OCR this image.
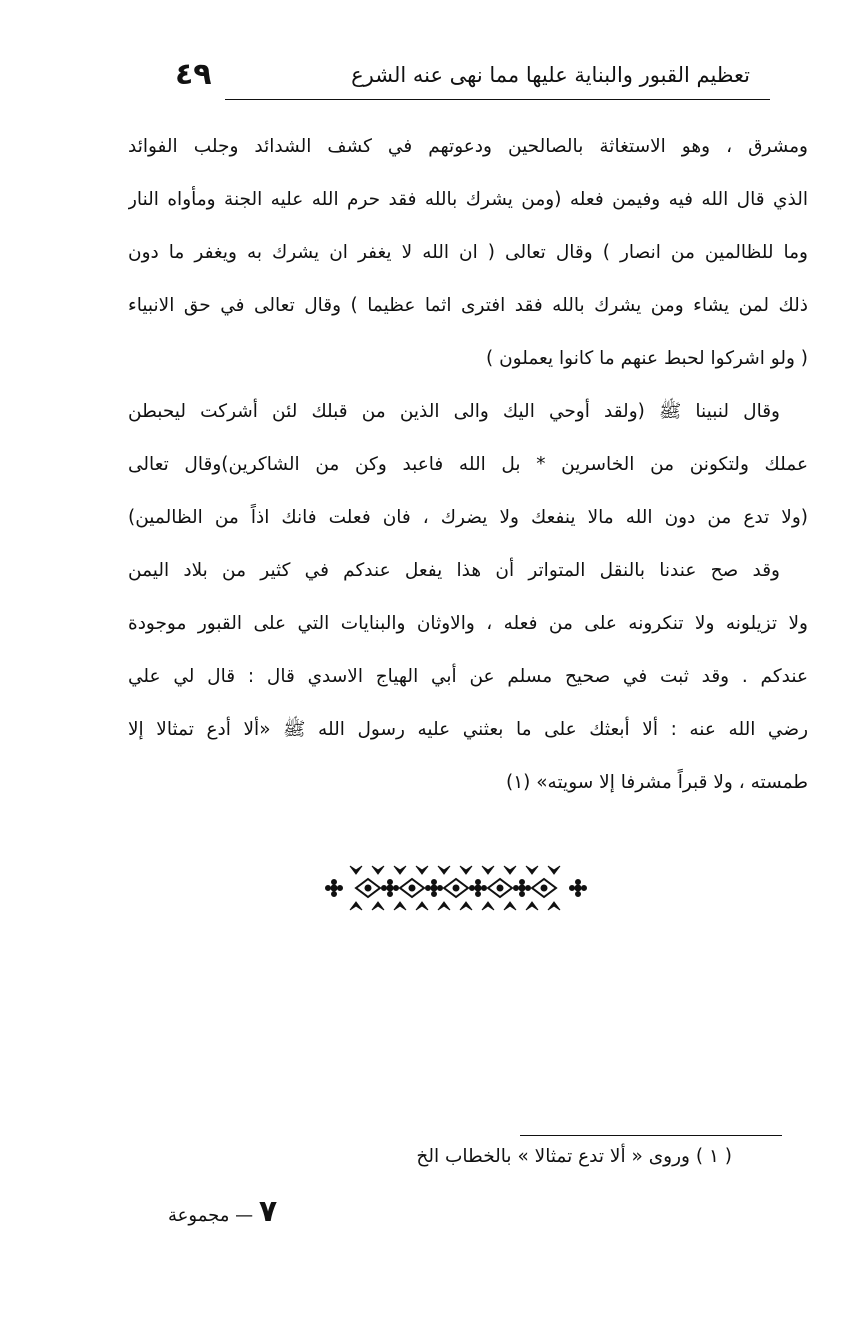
تعظيم القبور والبناية عليها مما نهى عنه الشرع
٤٩
ومشرق ، وهو الاستغاثة بالصالحين ودعوتهم في كشف الشدائد وجلب الفوائد
الذي قال الله فيه وفيمن فعله (ومن يشرك بالله فقد حرم الله عليه الجنة ومأواه النار
وما للظالمين من انصار ) وقال تعالى ( ان الله لا يغفر ان يشرك به ويغفر ما دون
ذلك لمن يشاء ومن يشرك بالله فقد افترى اثما عظيما ) وقال تعالى في حق الانبياء
( ولو اشركوا لحبط عنهم ما كانوا يعملون )
وقال لنبينا ﷺ (ولقد أوحي اليك والى الذين من قبلك لئن أشركت ليحبطن
عملك ولتكونن من الخاسرين * بل الله فاعبد وكن من الشاكرين)وقال تعالى
(ولا تدع من دون الله مالا ينفعك ولا يضرك ، فان فعلت فانك اذاً من الظالمين)
وقد صح عندنا بالنقل المتواتر أن هذا يفعل عندكم في كثير من بلاد اليمن
ولا تزيلونه ولا تنكرونه على من فعله ، والاوثان والبنايات التي على القبور موجودة
عندكم . وقد ثبت في صحيح مسلم عن أبي الهياج الاسدي قال : قال لي علي
رضي الله عنه : ألا أبعثك على ما بعثني عليه رسول الله ﷺ «ألا أدع تمثالا إلا
طمسته ، ولا قبراً مشرفا إلا سويته» (١)
( ١ ) وروى « ألا تدع تمثالا » بالخطاب الخ
٧ — مجموعة
